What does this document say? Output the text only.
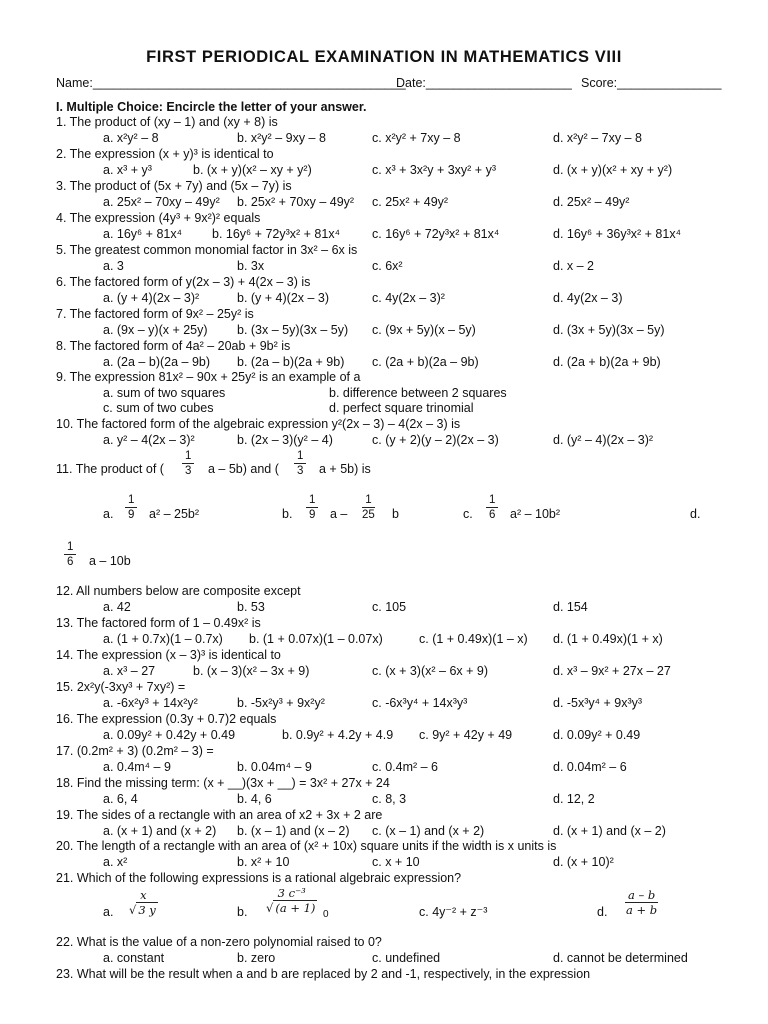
FIRST PERIODICAL EXAMINATION IN MATHEMATICS VIII
Name:_____________________________________________
Date:_____________________ Score:_______________
I. Multiple Choice: Encircle the letter of your answer.
1. The product of (xy – 1) and (xy + 8) is
a. x²y² – 8	b. x²y² – 9xy – 8	c. x²y² + 7xy – 8	d. x²y² – 7xy – 8
2. The expression (x + y)³ is identical to
a. x³ + y³	b. (x + y)(x² – xy + y²)	c. x³ + 3x²y + 3xy² + y³	d. (x + y)(x² + xy + y²)
3. The product of (5x + 7y) and (5x – 7y) is
a. 25x² – 70xy – 49y² b. 25x² + 70xy – 49y² c. 25x² + 49y²	d. 25x² – 49y²
4. The expression (4y³ + 9x²)² equals
a. 16y⁶ + 81x⁴ b. 16y⁶ + 72y³x² + 81x⁴	c. 16y⁶ + 72y³x² + 81x⁴	d. 16y⁶ + 36y³x² + 81x⁴
5. The greatest common monomial factor in 3x² – 6x is
a. 3	b. 3x	c. 6x²	d. x – 2
6. The factored form of y(2x – 3) + 4(2x – 3) is
a. (y + 4)(2x – 3)²	b. (y + 4)(2x – 3)	c. 4y(2x – 3)²	d. 4y(2x – 3)
7. The factored form of 9x² – 25y² is
a. (9x – y)(x + 25y) b. (3x – 5y)(3x – 5y) c. (9x + 5y)(x – 5y)	d. (3x + 5y)(3x – 5y)
8. The factored form of 4a² – 20ab + 9b² is
a. (2a – b)(2a – 9b) b. (2a – b)(2a + 9b) c. (2a + b)(2a – 9b)	d. (2a + b)(2a + 9b)
9. The expression 81x² – 90x + 25y² is an example of a
a. sum of two squares	b. difference between 2 squares
c. sum of two cubes	d. perfect square trinomial
10. The factored form of the algebraic expression y²(2x – 3) – 4(2x – 3) is
a. y² – 4(2x – 3)²	b. (2x – 3)(y² – 4)	c. (y + 2)(y – 2)(2x – 3)	d. (y² – 4)(2x – 3)²
11. The product of ( $\frac{1}{3}$ a – 5b) and ( $\frac{1}{3}$ a + 5b) is
a. $\frac{1}{9} a^2 - 25b^2$	b. $\frac{1}{9}$ a – $\frac{1}{25}$ b	c. $\frac{1}{6} a^2 - 10b^2$	d.
$\frac{1}{6}$ a – 10b
12. All numbers below are composite except
a. 42	b. 53	c. 105	d. 154
13. The factored form of 1 – 0.49x² is
a. (1 + 0.7x)(1 – 0.7x) b. (1 + 0.07x)(1 – 0.07x)	c. (1 + 0.49x)(1 – x) d. (1 + 0.49x)(1 + x)
14. The expression (x – 3)³ is identical to
a. x³ – 27	b. (x – 3)(x² – 3x + 9)	c. (x + 3)(x² – 6x + 9)	d. x³ – 9x² + 27x – 27
15. 2x²y(-3xy³ + 7xy²) =
a. -6x²y³ + 14x²y²	b. -5x²y³ + 9x²y²	c. -6x³y⁴ + 14x³y³	d. -5x³y⁴ + 9x³y³
16. The expression (0.3y + 0.7)2 equals
a. 0.09y² + 0.42y + 0.49	b. 0.9y² + 4.2y + 4.9 c. 9y² + 42y + 49	d. 0.09y² + 0.49
17. (0.2m² + 3) (0.2m² – 3) =
a. 0.4m⁴ – 9	b. 0.04m⁴ – 9	c. 0.4m² – 6	d. 0.04m² – 6
18. Find the missing term: (x + __)(3x + __) = 3x² + 27x + 24
a. 6, 4	b. 4, 6	c. 8, 3	d. 12, 2
19. The sides of a rectangle with an area of x2 + 3x + 2 are
a. (x + 1) and (x + 2) b. (x – 1) and (x – 2) c. (x – 1) and (x + 2)	d. (x + 1) and (x – 2)
20. The length of a rectangle with an area of (x² + 10x) square units if the width is x units is
a. x²	b. x² + 10	c. x + 10	d. (x + 10)²
21. Which of the following expressions is a rational algebraic expression?
a. $\frac{x}{√ 3 y}$	b. $\frac{\text{3 c⁻³}}{√ (a + 1)}$
0	c. 4y⁻² + z⁻³	d. $\frac{a - b}{a + b}$
22. What is the value of a non-zero polynomial raised to 0?
a. constant	b. zero	c. undefined	d. cannot be determined
23. What will be the result when a and b are replaced by 2 and -1, respectively, in the expression
